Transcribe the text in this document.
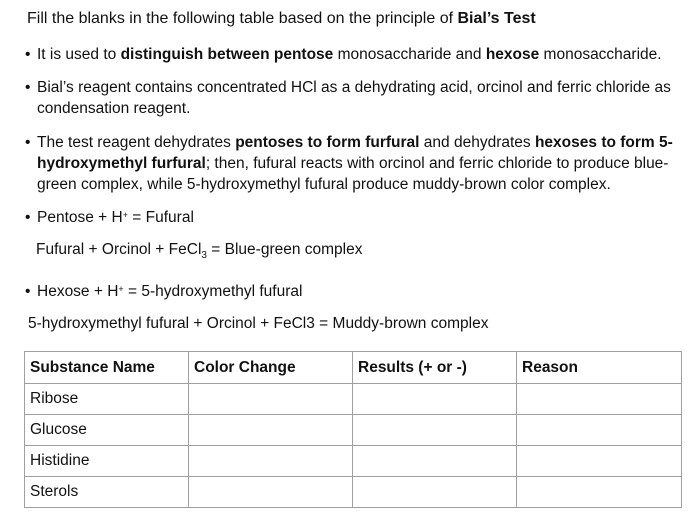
Fill the blanks in the following table based on the principle of Bial’s Test
• It is used to distinguish between pentose monosaccharide and hexose monosaccharide.
• Bial’s reagent contains concentrated HCl as a dehydrating acid, orcinol and ferric chloride as condensation reagent.
• The test reagent dehydrates pentoses to form furfural and dehydrates hexoses to form 5-hydroxymethyl furfural; then, fufural reacts with orcinol and ferric chloride to produce blue-green complex, while 5-hydroxymethyl fufural produce muddy-brown color complex.
• Pentose + H+ = Fufural
Fufural + Orcinol + FeCl$_3$ = Blue-green complex
• Hexose + H+ = 5-hydroxymethyl fufural
5-hydroxymethyl fufural + Orcinol + FeCl3 = Muddy-brown complex
Substance Name	Color Change	Results (+ or -)	Reason
Ribose			
Glucose			
Histidine			
Sterols			
